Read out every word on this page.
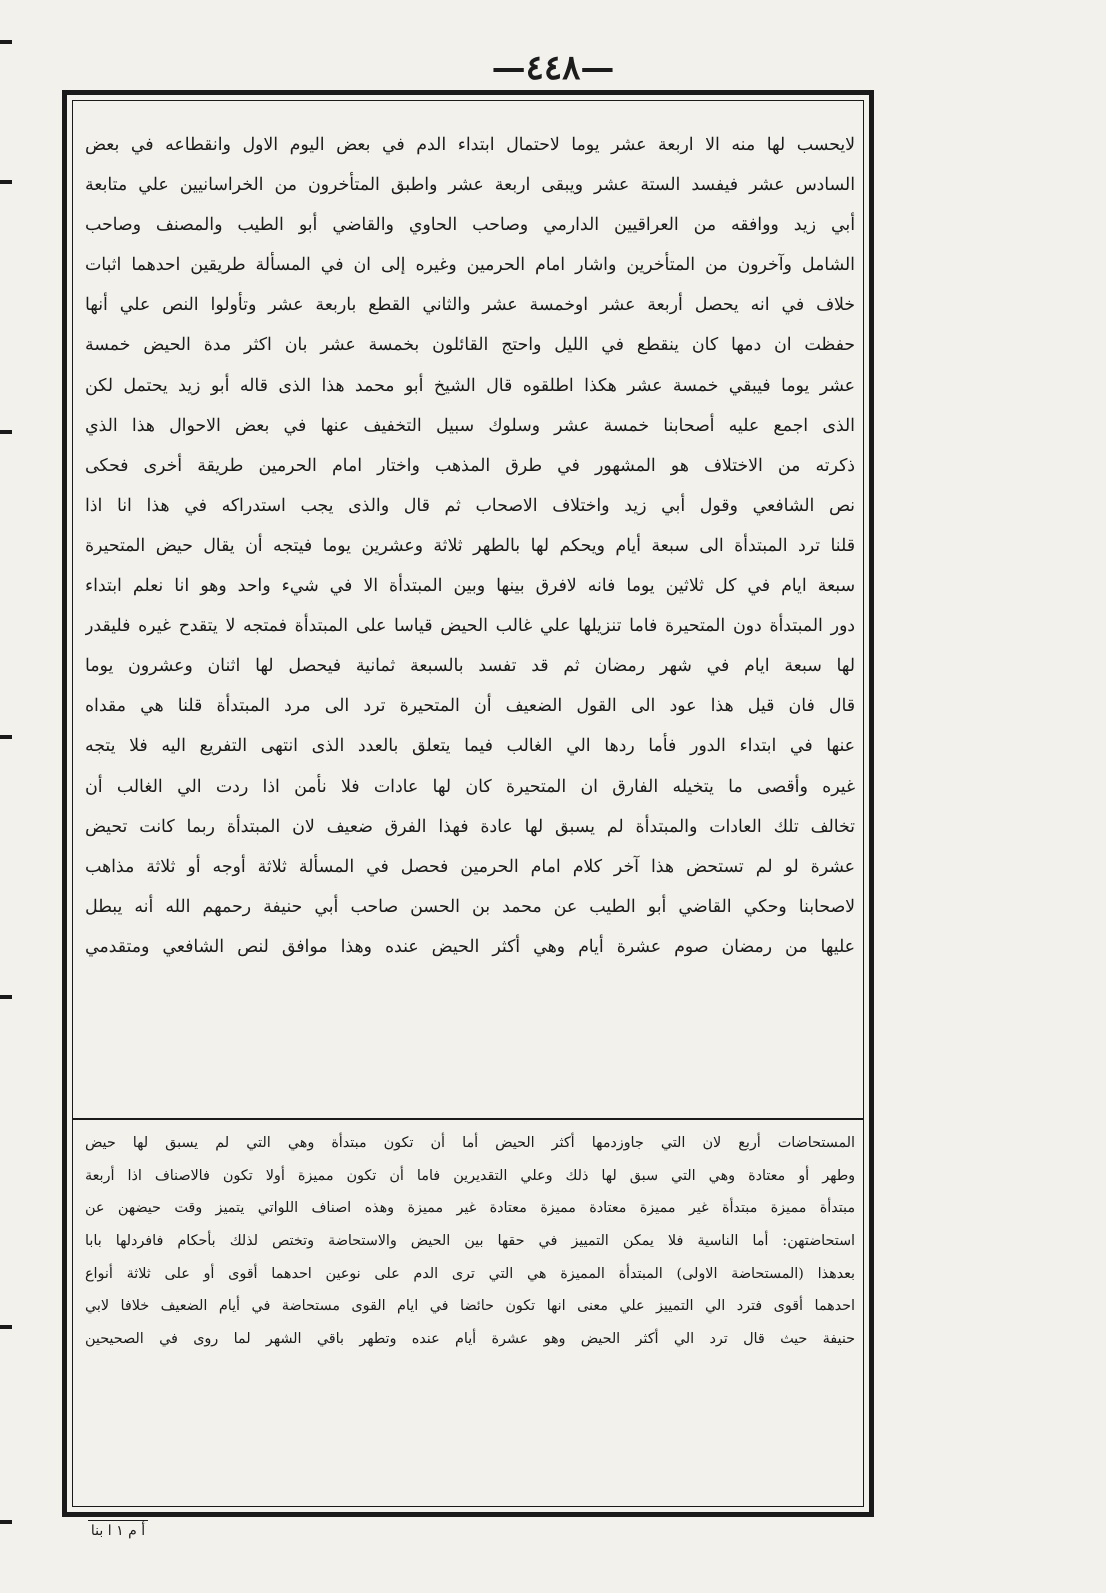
—٤٤٨—
لايحسب لها منه الا اربعة عشر يوما لاحتمال ابتداء الدم في بعض اليوم الاول وانقطاعه في بعض
السادس عشر فيفسد الستة عشر ويبقى اربعة عشر واطبق المتأخرون من الخراسانيين علي متابعة
أبي زيد ووافقه من العراقيين الدارمي وصاحب الحاوي والقاضي أبو الطيب والمصنف وصاحب
الشامل وآخرون من المتأخرين واشار امام الحرمين وغيره إلى ان في المسألة طريقين احدهما اثبات
خلاف في انه يحصل أربعة عشر اوخمسة عشر والثاني القطع باربعة عشر وتأولوا النص علي أنها
حفظت ان دمها كان ينقطع في الليل واحتج القائلون بخمسة عشر بان اكثر مدة الحيض خمسة
عشر يوما فيبقي خمسة عشر هكذا اطلقوه قال الشيخ أبو محمد هذا الذى قاله أبو زيد يحتمل لكن
الذى اجمع عليه أصحابنا خمسة عشر وسلوك سبيل التخفيف عنها في بعض الاحوال هذا الذي
ذكرته من الاختلاف هو المشهور في طرق المذهب واختار امام الحرمين طريقة أخرى فحكى
نص الشافعي وقول أبي زيد واختلاف الاصحاب ثم قال والذى يجب استدراكه في هذا انا اذا
قلنا ترد المبتدأة الى سبعة أيام ويحكم لها بالطهر ثلاثة وعشرين يوما فيتجه أن يقال حيض المتحيرة
سبعة ايام في كل ثلاثين يوما فانه لافرق بينها وبين المبتدأة الا في شيء واحد وهو انا نعلم ابتداء
دور المبتدأة دون المتحيرة فاما تنزيلها علي غالب الحيض قياسا على المبتدأة فمتجه لا يتقدح غيره فليقدر
لها سبعة ايام في شهر رمضان ثم قد تفسد بالسبعة ثمانية فيحصل لها اثنان وعشرون يوما
قال فان قيل هذا عود الى القول الضعيف أن المتحيرة ترد الى مرد المبتدأة قلنا هي مقداه
عنها في ابتداء الدور فأما ردها الي الغالب فيما يتعلق بالعدد الذى انتهى التفريع اليه فلا يتجه
غيره وأقصى ما يتخيله الفارق ان المتحيرة كان لها عادات فلا نأمن اذا ردت الي الغالب أن
تخالف تلك العادات والمبتدأة لم يسبق لها عادة فهذا الفرق ضعيف لان المبتدأة ربما كانت تحيض
عشرة لو لم تستحض هذا آخر كلام امام الحرمين فحصل في المسألة ثلاثة أوجه أو ثلاثة مذاهب
لاصحابنا وحكي القاضي أبو الطيب عن محمد بن الحسن صاحب أبي حنيفة رحمهم الله أنه يبطل
عليها من رمضان صوم عشرة أيام وهي أكثر الحيض عنده وهذا موافق لنص الشافعي ومتقدمي
المستحاضات أربع لان التي جاوزدمها أكثر الحيض أما أن تكون مبتدأة وهي التي لم يسبق لها حيض
وطهر أو معتادة وهي التي سبق لها ذلك وعلي التقديرين فاما أن تكون مميزة أولا تكون فالاصناف اذا أربعة
مبتدأة مميزة مبتدأة غير مميزة معتادة مميزة معتادة غير مميزة وهذه اصناف اللواتي يتميز وقت حيضهن عن
استحاضتهن: أما الناسية فلا يمكن التمييز في حقها بين الحيض والاستحاضة وتختص لذلك بأحكام فافردلها بابا
بعدهذا (المستحاضة الاولى) المبتدأة المميزة هي التي ترى الدم على نوعين احدهما أقوى أو على ثلاثة أنواع
احدهما أقوى فترد الي التمييز علي معنى انها تكون حائضا في ايام القوى مستحاضة في أيام الضعيف خلافا لابي
حنيفة حيث قال ترد الي أكثر الحيض وهو عشرة أيام عنده وتطهر باقي الشهر لما روى في الصحيحين
أ م ١ ا بنا
